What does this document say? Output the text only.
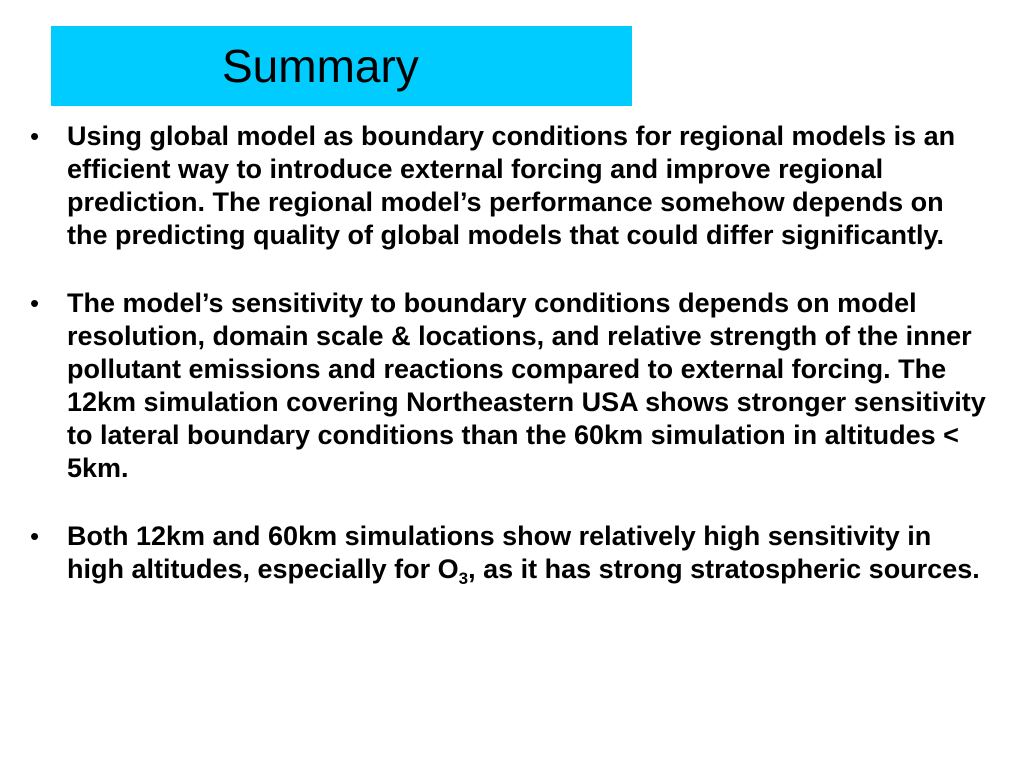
Summary
• Using global model as boundary conditions for regional models is an efficient way to introduce external forcing and improve regional prediction. The regional model’s performance somehow depends on the predicting quality of global models that could differ significantly.
• The model’s sensitivity to boundary conditions depends on model resolution, domain scale & locations, and relative strength of the inner pollutant emissions and reactions compared to external forcing. The 12km simulation covering Northeastern USA shows stronger sensitivity to lateral boundary conditions than the 60km simulation in altitudes < 5km.
• Both 12km and 60km simulations show relatively high sensitivity in high altitudes, especially for $O_3$, as it has strong stratospheric sources.
